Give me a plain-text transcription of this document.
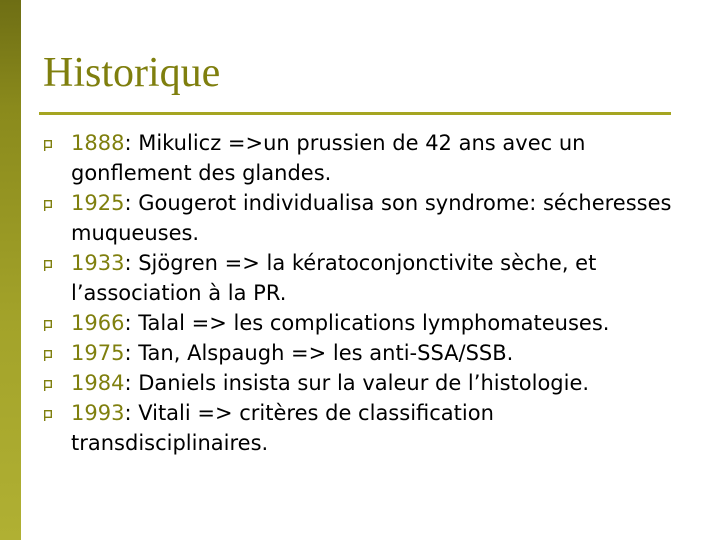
Historique
1888: Mikulicz =>un prussien de 42 ans avec un gonflement des glandes.
1925: Gougerot individualisa son syndrome: sécheresses muqueuses.
1933: Sjögren => la kératoconjonctivite sèche, et l’association à la PR.
1966: Talal => les complications lymphomateuses.
1975: Tan, Alspaugh => les anti-SSA/SSB.
1984: Daniels insista sur la valeur de l’histologie.
1993: Vitali => critères de classification transdisciplinaires.
